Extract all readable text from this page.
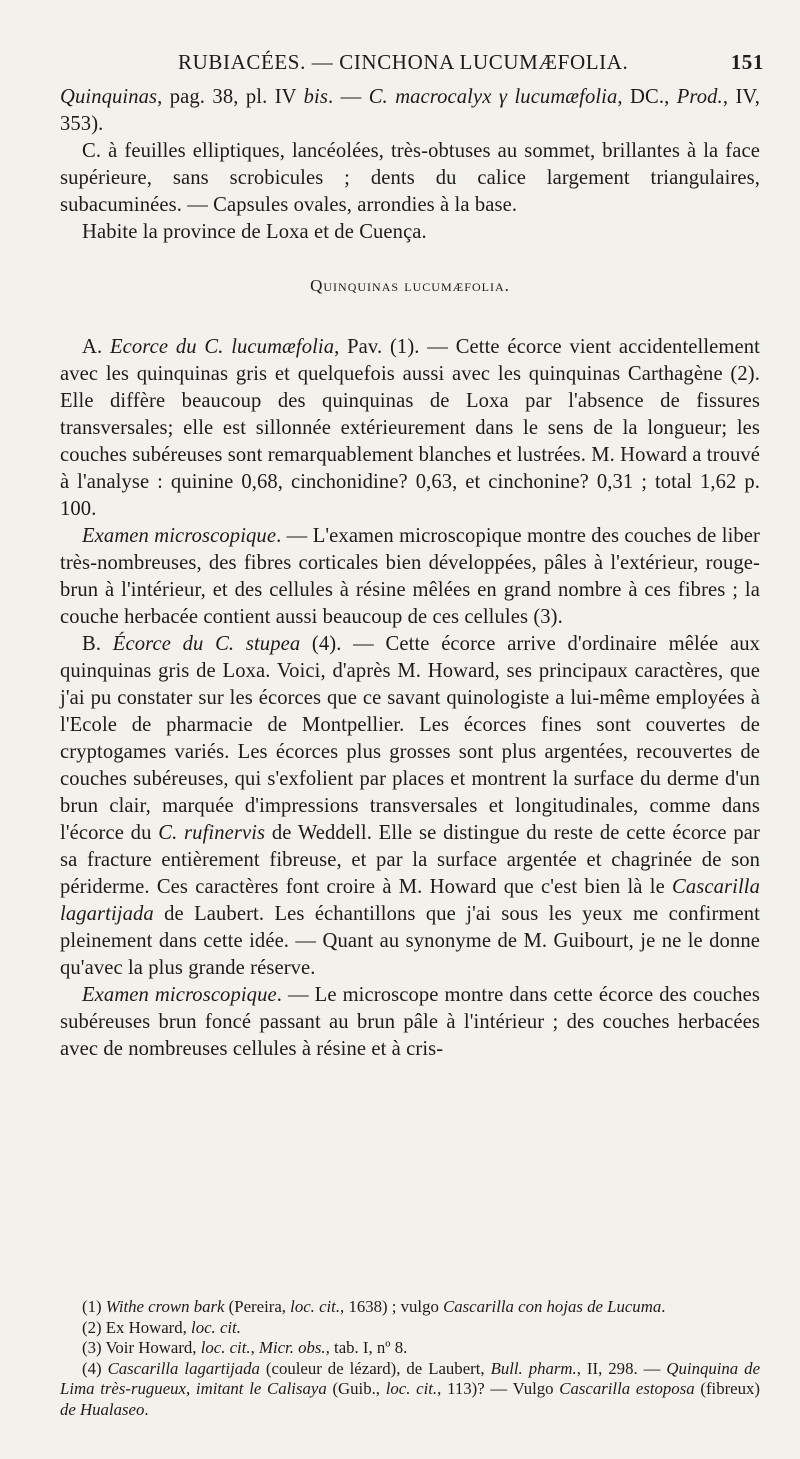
RUBIACÉES. — CINCHONA LUCUMÆFOLIA.	151

Quinquinas, pag. 38, pl. IV bis. — C. macrocalyx γ lucumæfolia, DC., Prod., IV, 353).

C. à feuilles elliptiques, lancéolées, très-obtuses au sommet, brillantes à la face supérieure, sans scrobicules ; dents du calice largement triangulaires, subacuminées. — Capsules ovales, arrondies à la base.

Habite la province de Loxa et de Cuença.

Quinquinas lucumæfolia.

A. Ecorce du C. lucumæfolia, Pav. (1). — Cette écorce vient accidentellement avec les quinquinas gris et quelquefois aussi avec les quinquinas Carthagène (2). Elle diffère beaucoup des quinquinas de Loxa par l'absence de fissures transversales; elle est sillonnée extérieurement dans le sens de la longueur; les couches subéreuses sont remarquablement blanches et lustrées. M. Howard a trouvé à l'analyse : quinine 0,68, cinchonidine? 0,63, et cinchonine? 0,31 ; total 1,62 p. 100.

Examen microscopique. — L'examen microscopique montre des couches de liber très-nombreuses, des fibres corticales bien développées, pâles à l'extérieur, rouge-brun à l'intérieur, et des cellules à résine mêlées en grand nombre à ces fibres ; la couche herbacée contient aussi beaucoup de ces cellules (3).

B. Écorce du C. stupea (4). — Cette écorce arrive d'ordinaire mêlée aux quinquinas gris de Loxa. Voici, d'après M. Howard, ses principaux caractères, que j'ai pu constater sur les écorces que ce savant quinologiste a lui-même employées à l'Ecole de pharmacie de Montpellier. Les écorces fines sont couvertes de cryptogames variés. Les écorces plus grosses sont plus argentées, recouvertes de couches subéreuses, qui s'exfolient par places et montrent la surface du derme d'un brun clair, marquée d'impressions transversales et longitudinales, comme dans l'écorce du C. rufinervis de Weddell. Elle se distingue du reste de cette écorce par sa fracture entièrement fibreuse, et par la surface argentée et chagrinée de son périderme. Ces caractères font croire à M. Howard que c'est bien là le Cascarilla lagartijada de Laubert. Les échantillons que j'ai sous les yeux me confirment pleinement dans cette idée. — Quant au synonyme de M. Guibourt, je ne le donne qu'avec la plus grande réserve.

Examen microscopique. — Le microscope montre dans cette écorce des couches subéreuses brun foncé passant au brun pâle à l'intérieur ; des couches herbacées avec de nombreuses cellules à résine et à cris-

(1) Withe crown bark (Pereira, loc. cit., 1638) ; vulgo Cascarilla con hojas de Lucuma.

(2) Ex Howard, loc. cit.

(3) Voir Howard, loc. cit., Micr. obs., tab. I, nº 8.

(4) Cascarilla lagartijada (couleur de lézard), de Laubert, Bull. pharm., II, 298. — Quinquina de Lima très-rugueux, imitant le Calisaya (Guib., loc. cit., 113)? — Vulgo Cascarilla estoposa (fibreux) de Hualaseo.
